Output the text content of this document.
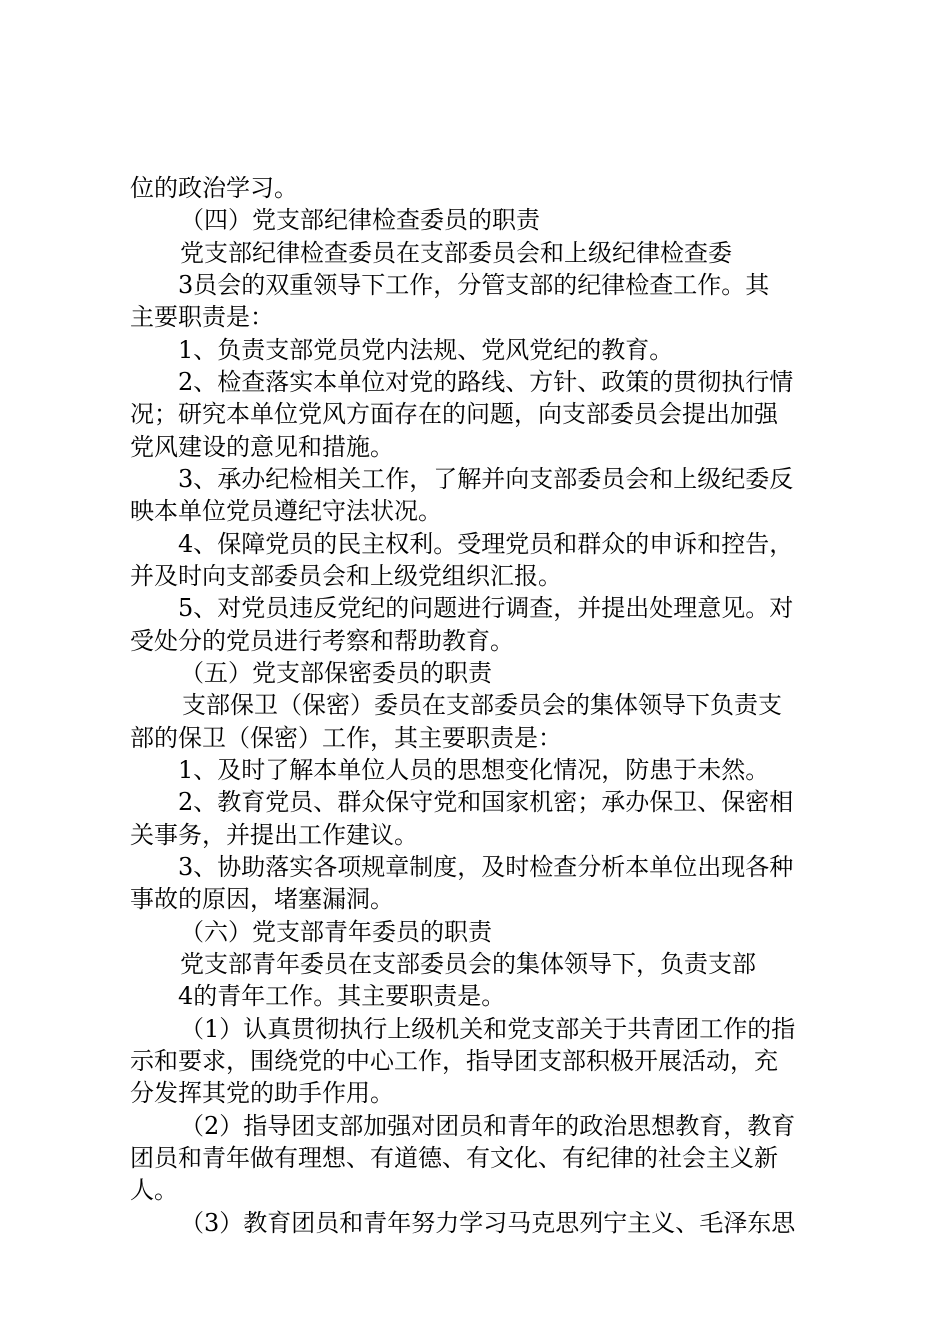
位的政治学习。
（四）党支部纪律检查委员的职责
党支部纪律检查委员在支部委员会和上级纪律检查委
3员会的双重领导下工作，分管支部的纪律检查工作。其
主要职责是：
1、负责支部党员党内法规、党风党纪的教育。
2、检查落实本单位对党的路线、方针、政策的贯彻执行情
况；研究本单位党风方面存在的问题，向支部委员会提出加强
党风建设的意见和措施。
3、承办纪检相关工作，了解并向支部委员会和上级纪委反
映本单位党员遵纪守法状况。
4、保障党员的民主权利。受理党员和群众的申诉和控告，
并及时向支部委员会和上级党组织汇报。
5、对党员违反党纪的问题进行调查，并提出处理意见。对
受处分的党员进行考察和帮助教育。
（五）党支部保密委员的职责
支部保卫（保密）委员在支部委员会的集体领导下负责支
部的保卫（保密）工作，其主要职责是：
1、及时了解本单位人员的思想变化情况，防患于未然。
2、教育党员、群众保守党和国家机密；承办保卫、保密相
关事务，并提出工作建议。
3、协助落实各项规章制度，及时检查分析本单位出现各种
事故的原因，堵塞漏洞。
（六）党支部青年委员的职责
党支部青年委员在支部委员会的集体领导下，负责支部
4的青年工作。其主要职责是。
（1）认真贯彻执行上级机关和党支部关于共青团工作的指
示和要求，围绕党的中心工作，指导团支部积极开展活动，充
分发挥其党的助手作用。
（2）指导团支部加强对团员和青年的政治思想教育，教育
团员和青年做有理想、有道德、有文化、有纪律的社会主义新
人。
（3）教育团员和青年努力学习马克思列宁主义、毛泽东思
